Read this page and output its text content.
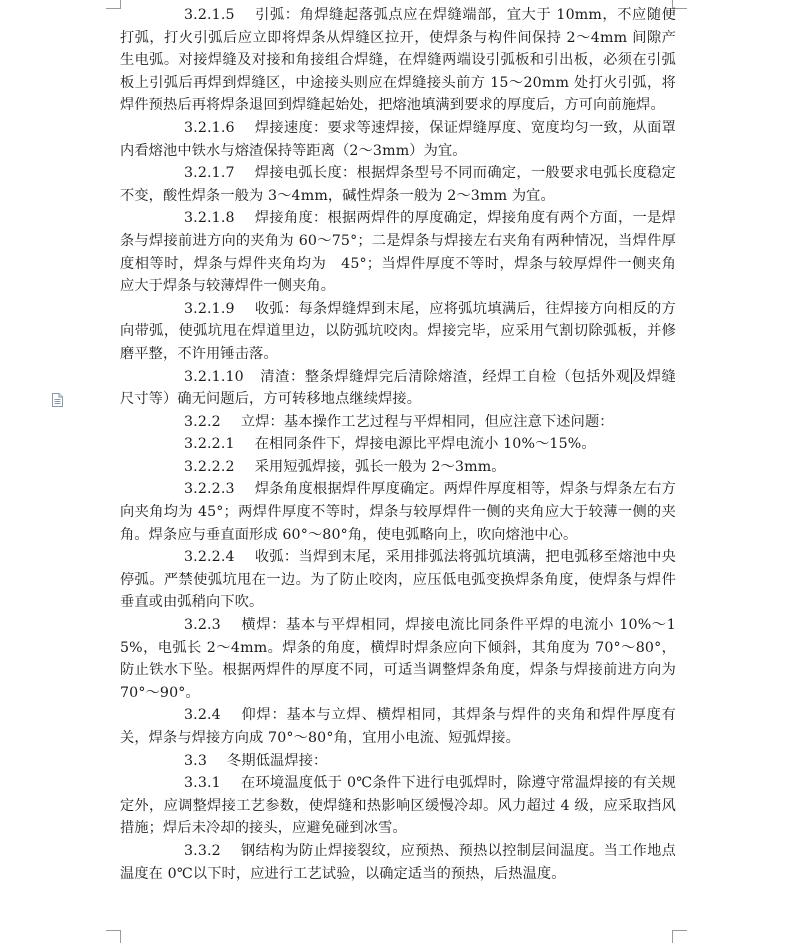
3.2.1.5 引弧：角焊缝起落弧点应在焊缝端部，宜大于 10mm，不应随便打弧，打火引弧后应立即将焊条从焊缝区拉开，使焊条与构件间保持 2～4mm 间隙产生电弧。对接焊缝及对接和角接组合焊缝，在焊缝两端设引弧板和引出板，必须在引弧板上引弧后再焊到焊缝区，中途接头则应在焊缝接头前方 15～20mm 处打火引弧，将焊件预热后再将焊条退回到焊缝起始处，把熔池填满到要求的厚度后，方可向前施焊。

3.2.1.6 焊接速度：要求等速焊接，保证焊缝厚度、宽度均匀一致，从面罩内看熔池中铁水与熔渣保持等距离（2～3mm）为宜。

3.2.1.7 焊接电弧长度：根据焊条型号不同而确定，一般要求电弧长度稳定不变，酸性焊条一般为 3～4mm，碱性焊条一般为 2～3mm 为宜。

3.2.1.8 焊接角度：根据两焊件的厚度确定，焊接角度有两个方面，一是焊条与焊接前进方向的夹角为 60～75°；二是焊条与焊接左右夹角有两种情况，当焊件厚度相等时，焊条与焊件夹角均为　45°；当焊件厚度不等时，焊条与较厚焊件一侧夹角应大于焊条与较薄焊件一侧夹角。

3.2.1.9 收弧：每条焊缝焊到末尾，应将弧坑填满后，往焊接方向相反的方向带弧，使弧坑甩在焊道里边，以防弧坑咬肉。焊接完毕，应采用气割切除弧板，并修磨平整，不许用锤击落。

3.2.1.10 清渣：整条焊缝焊完后清除熔渣，经焊工自检（包括外观及焊缝尺寸等）确无问题后，方可转移地点继续焊接。

3.2.2 立焊：基本操作工艺过程与平焊相同，但应注意下述问题：

3.2.2.1 在相同条件下，焊接电源比平焊电流小 10%～15%。

3.2.2.2 采用短弧焊接，弧长一般为 2～3mm。

3.2.2.3 焊条角度根据焊件厚度确定。两焊件厚度相等，焊条与焊条左右方向夹角均为 45°；两焊件厚度不等时，焊条与较厚焊件一侧的夹角应大于较薄一侧的夹角。焊条应与垂直面形成 60°～80°角，使电弧略向上，吹向熔池中心。

3.2.2.4 收弧：当焊到末尾，采用排弧法将弧坑填满，把电弧移至熔池中央停弧。严禁使弧坑甩在一边。为了防止咬肉，应压低电弧变换焊条角度，使焊条与焊件垂直或由弧稍向下吹。

3.2.3 横焊：基本与平焊相同，焊接电流比同条件平焊的电流小 10%～15%，电弧长 2～4mm。焊条的角度，横焊时焊条应向下倾斜，其角度为 70°～80°，防止铁水下坠。根据两焊件的厚度不同，可适当调整焊条角度，焊条与焊接前进方向为 70°～90°。

3.2.4 仰焊：基本与立焊、横焊相同，其焊条与焊件的夹角和焊件厚度有关，焊条与焊接方向成 70°～80°角，宜用小电流、短弧焊接。

3.3 冬期低温焊接：

3.3.1 在环境温度低于 0℃条件下进行电弧焊时，除遵守常温焊接的有关规定外，应调整焊接工艺参数，使焊缝和热影响区缓慢冷却。风力超过 4 级，应采取挡风措施；焊后未冷却的接头，应避免碰到冰雪。

3.3.2 钢结构为防止焊接裂纹，应预热、预热以控制层间温度。当工作地点温度在 0℃以下时，应进行工艺试验，以确定适当的预热，后热温度。
